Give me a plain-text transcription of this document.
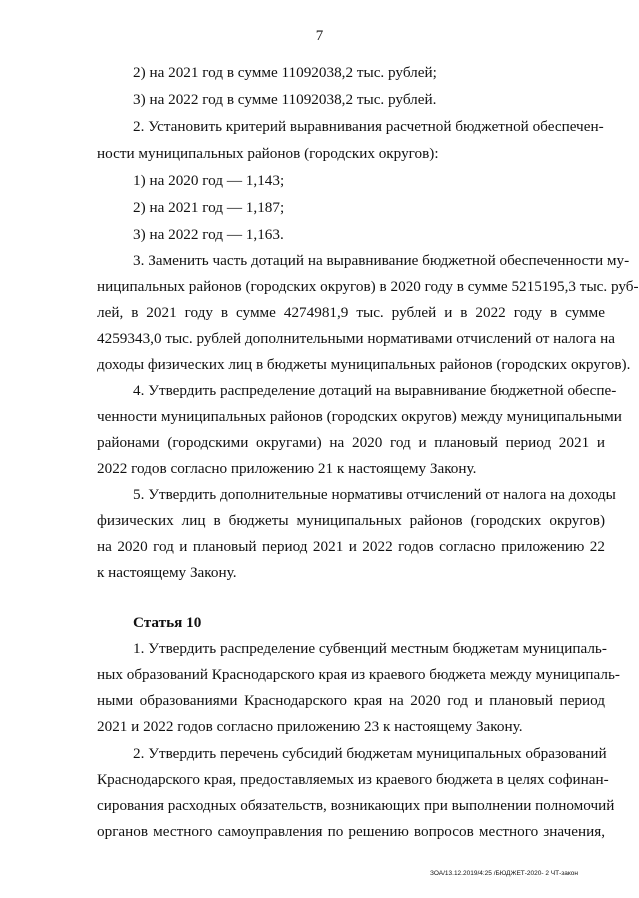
7
2) на 2021 год в сумме 11092038,2 тыс. рублей;
3) на 2022 год в сумме 11092038,2 тыс. рублей.
2. Установить критерий выравнивания расчетной бюджетной обеспечен-
ности муниципальных районов (городских округов):
1) на 2020 год — 1,143;
2) на 2021 год — 1,187;
3) на 2022 год — 1,163.
3. Заменить часть дотаций на выравнивание бюджетной обеспеченности му-
ниципальных районов (городских округов) в 2020 году в сумме 5215195,3 тыс. руб-
лей, в 2021 году в сумме 4274981,9 тыс. рублей и в 2022 году в сумме
4259343,0 тыс. рублей дополнительными нормативами отчислений от налога на
доходы физических лиц в бюджеты муниципальных районов (городских округов).
4. Утвердить распределение дотаций на выравнивание бюджетной обеспе-
ченности муниципальных районов (городских округов) между муниципальными
районами (городскими округами) на 2020 год и плановый период 2021 и
2022 годов согласно приложению 21 к настоящему Закону.
5. Утвердить дополнительные нормативы отчислений от налога на доходы
физических лиц в бюджеты муниципальных районов (городских округов)
на 2020 год и плановый период 2021 и 2022 годов согласно приложению 22
к настоящему Закону.
Статья 10
1. Утвердить распределение субвенций местным бюджетам муниципаль-
ных образований Краснодарского края из краевого бюджета между муниципаль-
ными образованиями Краснодарского края на 2020 год и плановый период
2021 и 2022 годов согласно приложению 23 к настоящему Закону.
2. Утвердить перечень субсидий бюджетам муниципальных образований
Краснодарского края, предоставляемых из краевого бюджета в целях софинан-
сирования расходных обязательств, возникающих при выполнении полномочий
органов местного самоуправления по решению вопросов местного значения,
ЗОА/13.12.2019/4:25 /БЮДЖЕТ-2020- 2 ЧТ-закон
